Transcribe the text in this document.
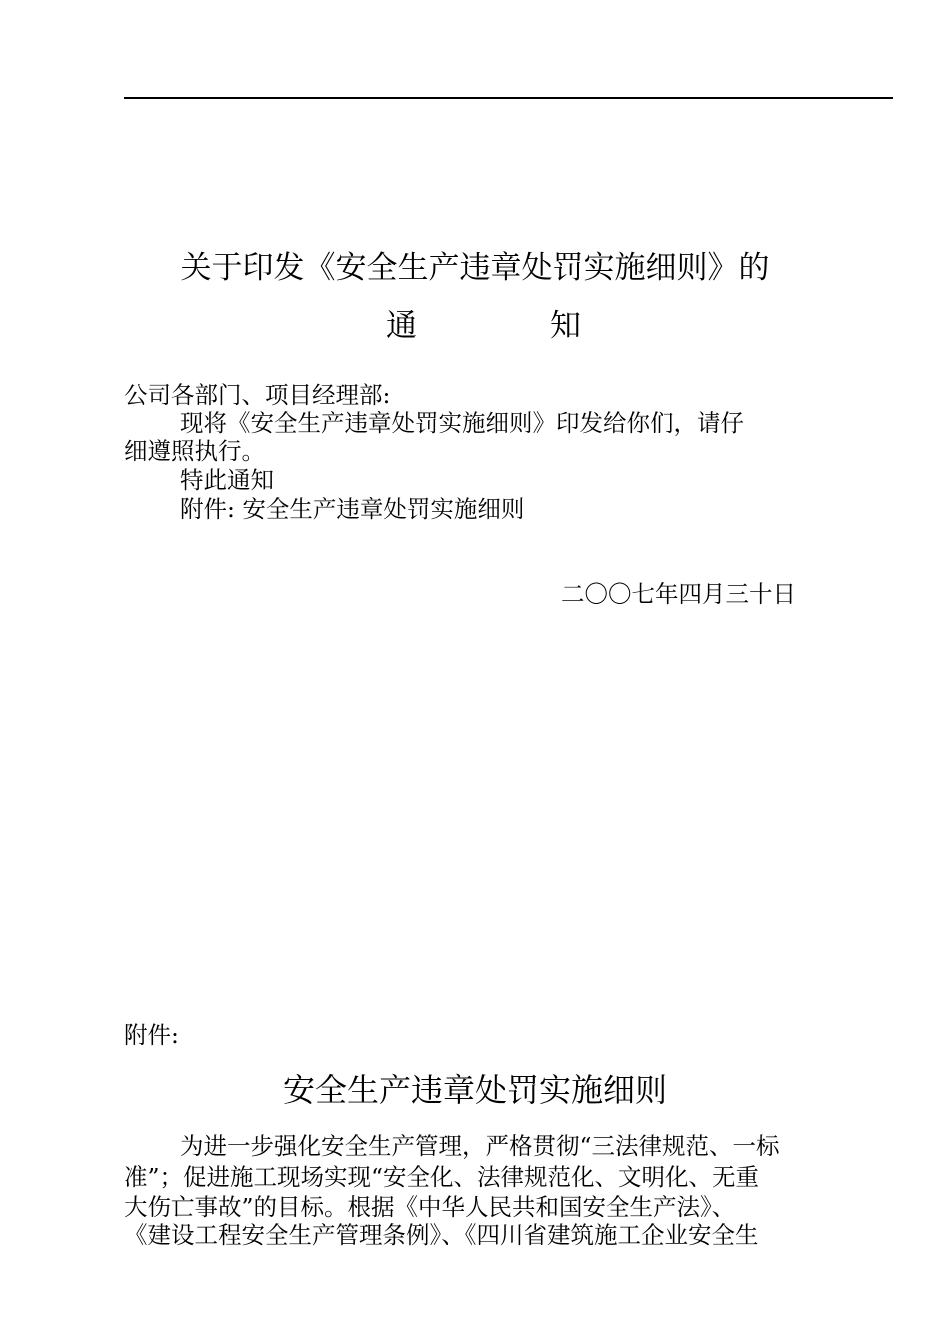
关于印发《安全生产违章处罚实施细则》的
通	知
公司各部门、项目经理部:
现将《安全生产违章处罚实施细则》印发给你们，请仔
细遵照执行。
特此通知
附件: 安全生产违章处罚实施细则
二〇〇七年四月三十日
附件:
安全生产违章处罚实施细则
为进一步强化安全生产管理，严格贯彻“三法律规范、一标
准”；促进施工现场实现“安全化、法律规范化、文明化、无重
大伤亡事故”的目标。根据《中华人民共和国安全生产法》、
《建设工程安全生产管理条例》、《四川省建筑施工企业安全生
